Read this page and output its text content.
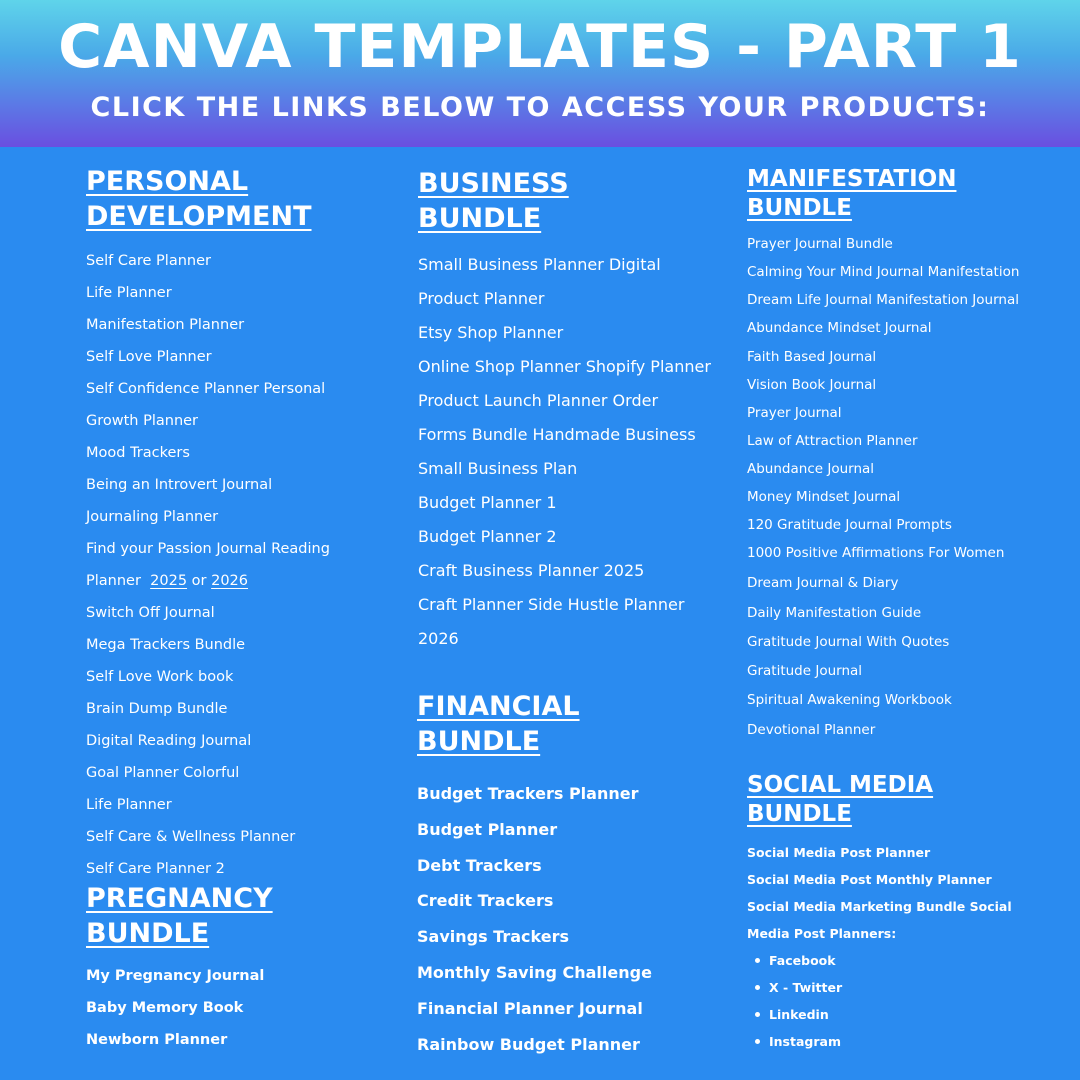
CANVA TEMPLATES - PART 1
CLICK THE LINKS BELOW TO ACCESS YOUR PRODUCTS:
PERSONAL
DEVELOPMENT
Self Care Planner
Life Planner
Manifestation Planner
Self Love Planner
Self Confidence Planner Personal
Growth Planner
Mood Trackers
Being an Introvert Journal
Journaling Planner
Find your Passion Journal Reading
Planner 2025 or 2026
Switch Off Journal
Mega Trackers Bundle
Self Love Work book
Brain Dump Bundle
Digital Reading Journal
Goal Planner Colorful
Life Planner
Self Care & Wellness Planner
Self Care Planner 2
PREGNANCY
BUNDLE
My Pregnancy Journal
Baby Memory Book
Newborn Planner
BUSINESS
BUNDLE
Small Business Planner Digital
Product Planner
Etsy Shop Planner
Online Shop Planner Shopify Planner
Product Launch Planner Order
Forms Bundle Handmade Business
Small Business Plan
Budget Planner 1
Budget Planner 2
Craft Business Planner 2025
Craft Planner Side Hustle Planner
2026
FINANCIAL
BUNDLE
Budget Trackers Planner
Budget Planner
Debt Trackers
Credit Trackers
Savings Trackers
Monthly Saving Challenge
Financial Planner Journal
Rainbow Budget Planner
MANIFESTATION
BUNDLE
Prayer Journal Bundle
Calming Your Mind Journal Manifestation
Dream Life Journal Manifestation Journal
Abundance Mindset Journal
Faith Based Journal
Vision Book Journal
Prayer Journal
Law of Attraction Planner
Abundance Journal
Money Mindset Journal
120 Gratitude Journal Prompts
1000 Positive Affirmations For Women
Dream Journal & Diary
Daily Manifestation Guide
Gratitude Journal With Quotes
Gratitude Journal
Spiritual Awakening Workbook
Devotional Planner
SOCIAL MEDIA
BUNDLE
Social Media Post Planner
Social Media Post Monthly Planner
Social Media Marketing Bundle Social
Media Post Planners:
Facebook
X - Twitter
Linkedin
Instagram
